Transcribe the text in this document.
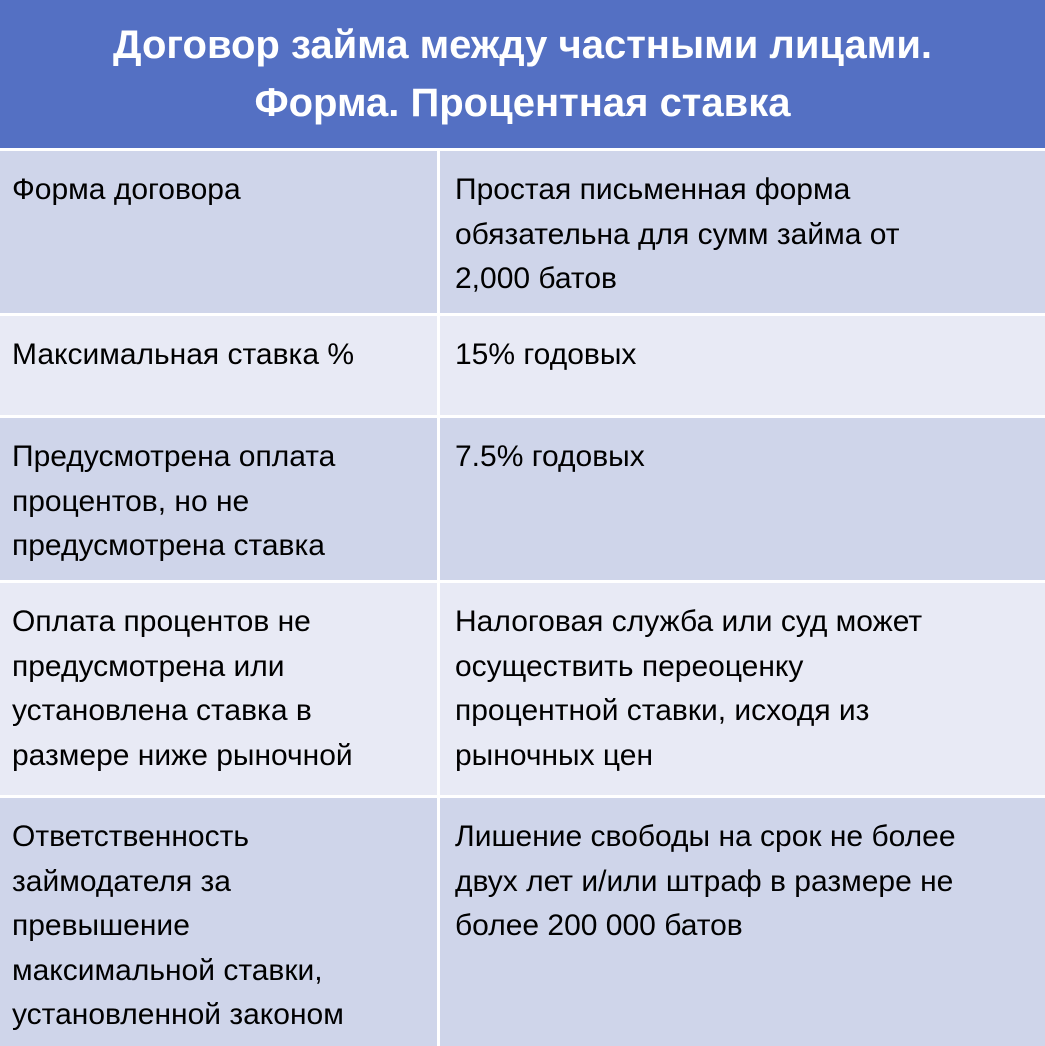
Договор займа между частными лицами.
Форма. Процентная ставка
Форма договора	Простая письменная форма
обязательна для сумм займа от
2,000 батов
Максимальная ставка %	15% годовых
Предусмотрена оплата
процентов, но не
предусмотрена ставка
7.5% годовых
Оплата процентов не
предусмотрена или
установлена ставка в
размере ниже рыночной
Налоговая служба или суд может
осуществить переоценку
процентной ставки, исходя из
рыночных цен
Ответственность
займодателя за
превышение
максимальной ставки,
установленной законом
Лишение свободы на срок не более
двух лет и/или штраф в размере не
более 200 000 батов
